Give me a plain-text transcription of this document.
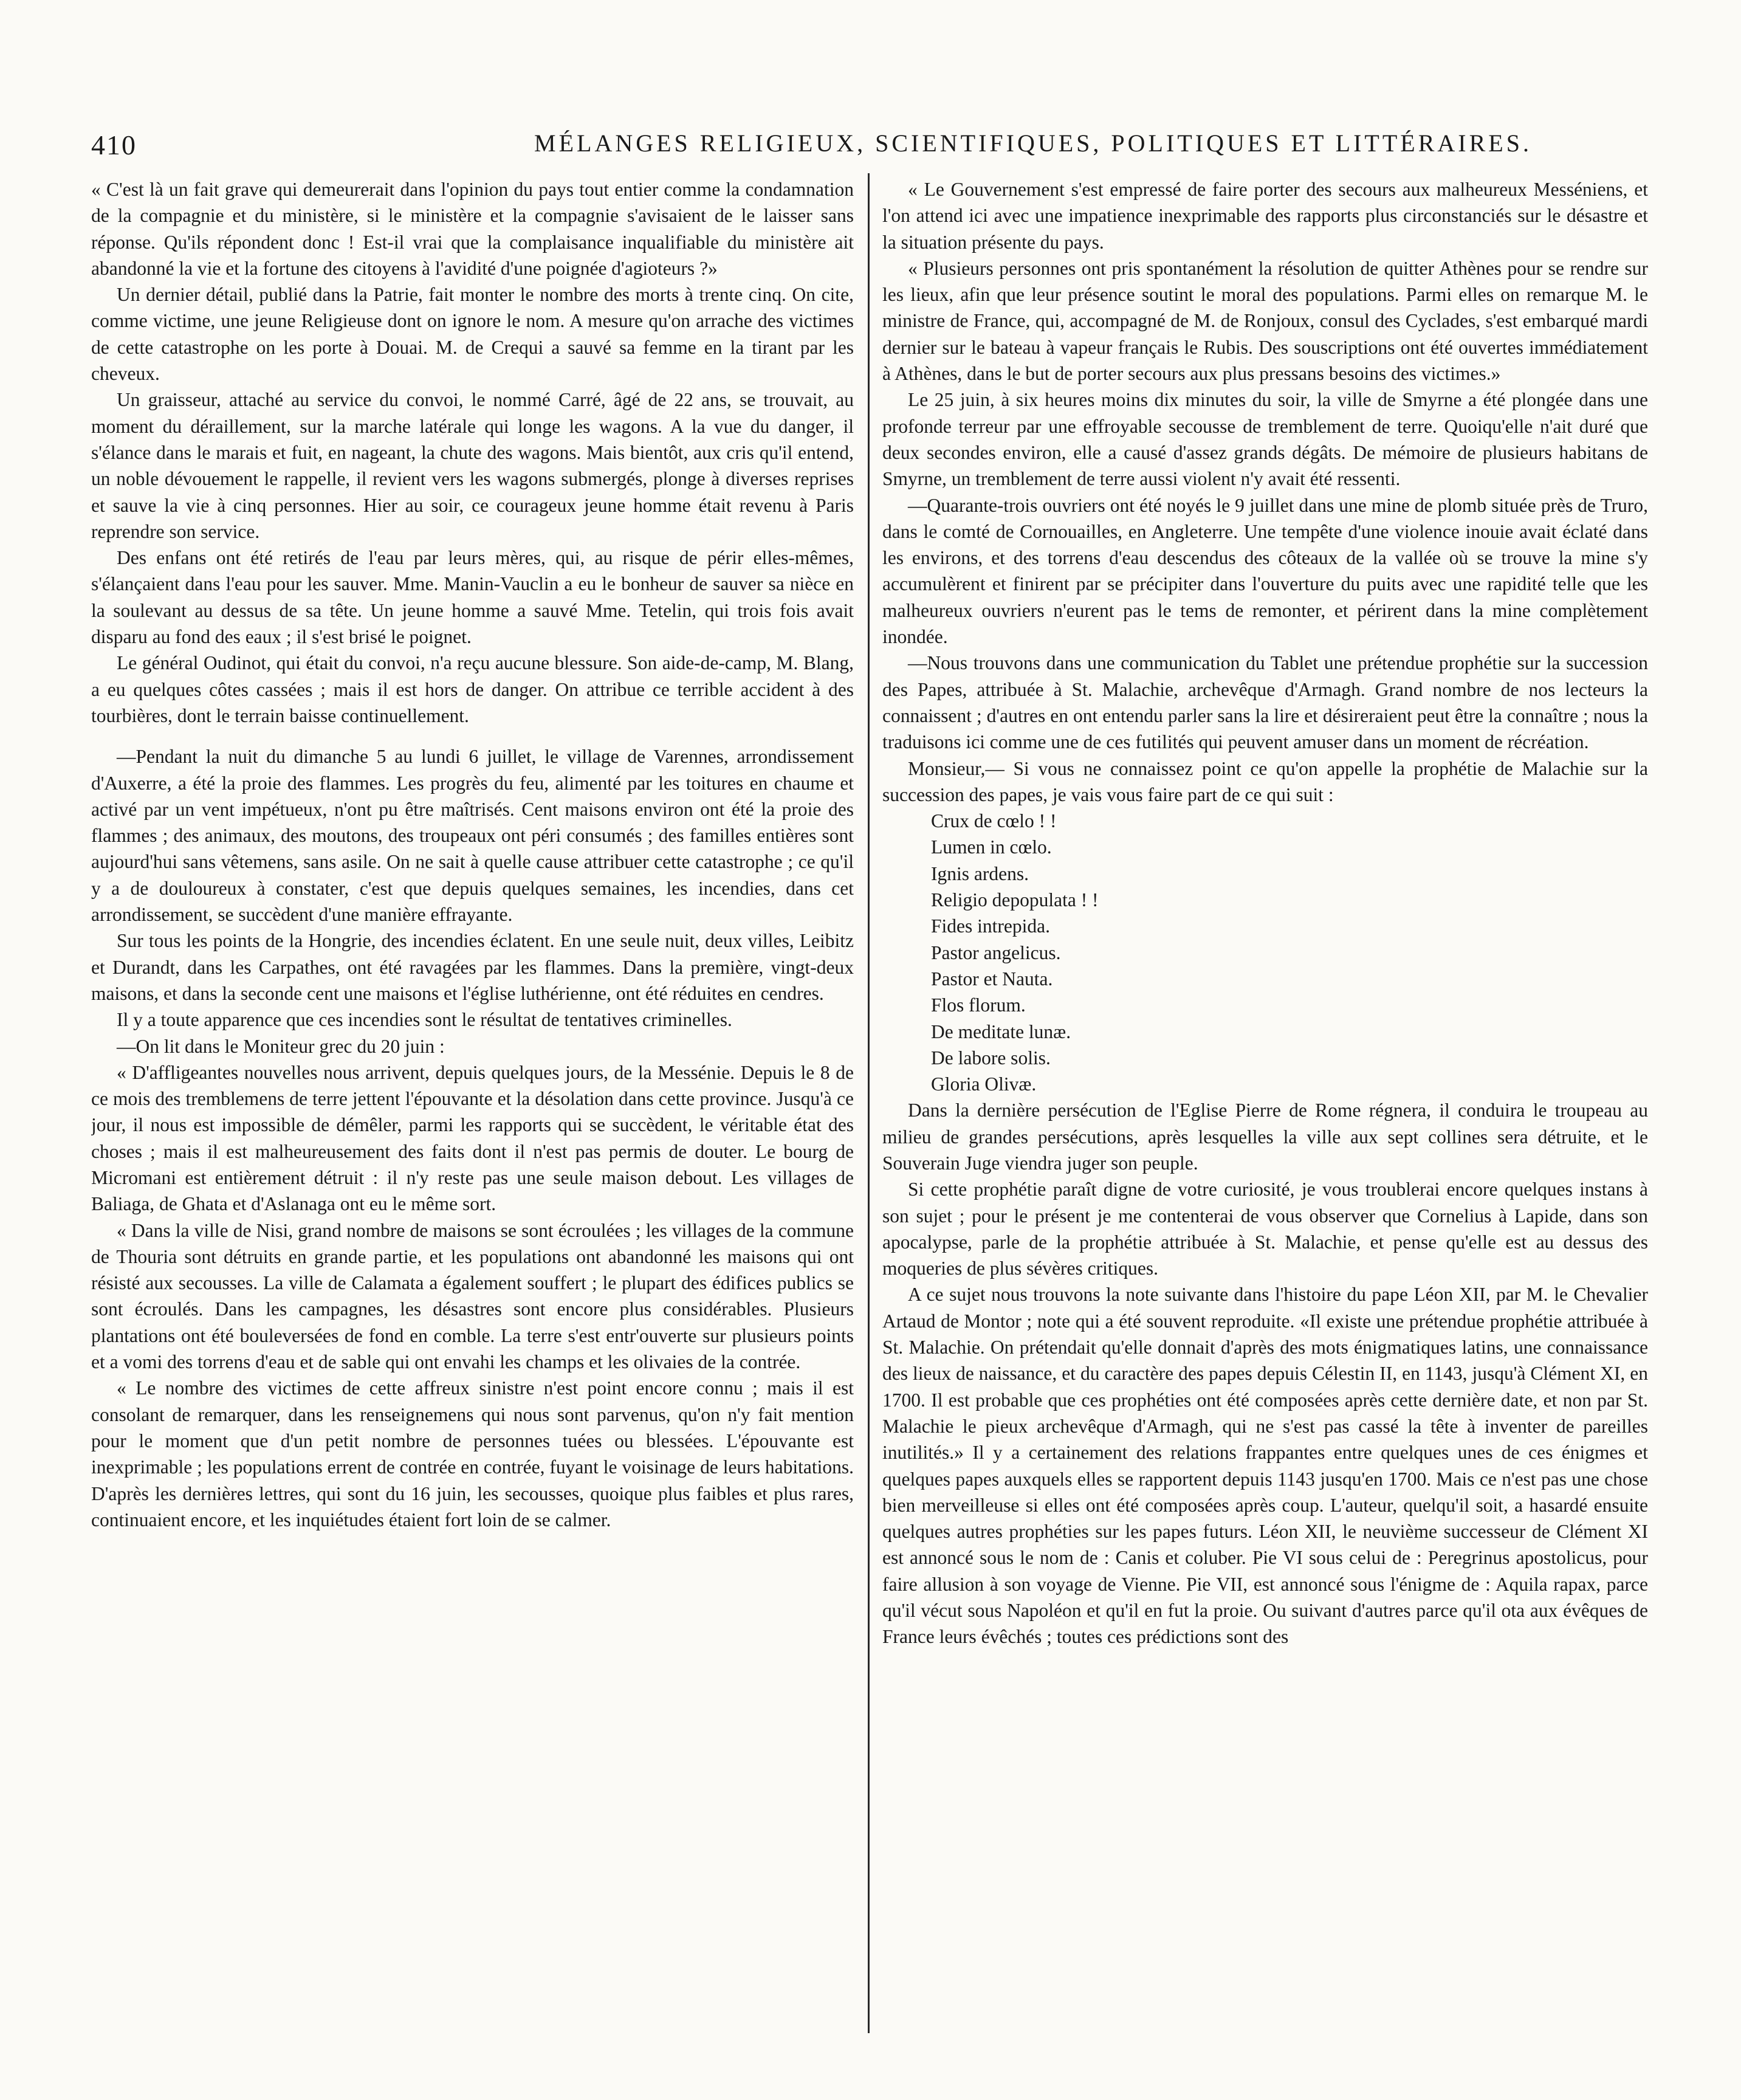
410	MÉLANGES RELIGIEUX, SCIENTIFIQUES, POLITIQUES ET LITTÉRAIRES.

« C'est là un fait grave qui demeurerait dans l'opinion du pays tout entier comme la condamnation de la compagnie et du ministère, si le ministère et la compagnie s'avisaient de le laisser sans réponse. Qu'ils répondent donc ! Est-il vrai que la complaisance inqualifiable du ministère ait abandonné la vie et la fortune des citoyens à l'avidité d'une poignée d'agioteurs ?»

Un dernier détail, publié dans la Patrie, fait monter le nombre des morts à trente cinq. On cite, comme victime, une jeune Religieuse dont on ignore le nom. A mesure qu'on arrache des victimes de cette catastrophe on les porte à Douai. M. de Crequi a sauvé sa femme en la tirant par les cheveux.

Un graisseur, attaché au service du convoi, le nommé Carré, âgé de 22 ans, se trouvait, au moment du déraillement, sur la marche latérale qui longe les wagons. A la vue du danger, il s'élance dans le marais et fuit, en nageant, la chute des wagons. Mais bientôt, aux cris qu'il entend, un noble dévouement le rappelle, il revient vers les wagons submergés, plonge à diverses reprises et sauve la vie à cinq personnes. Hier au soir, ce courageux jeune homme était revenu à Paris reprendre son service.

Des enfans ont été retirés de l'eau par leurs mères, qui, au risque de périr elles-mêmes, s'élançaient dans l'eau pour les sauver. Mme. Manin-Vauclin a eu le bonheur de sauver sa nièce en la soulevant au dessus de sa tête. Un jeune homme a sauvé Mme. Tetelin, qui trois fois avait disparu au fond des eaux ; il s'est brisé le poignet.

Le général Oudinot, qui était du convoi, n'a reçu aucune blessure. Son aide-de-camp, M. Blang, a eu quelques côtes cassées ; mais il est hors de danger. On attribue ce terrible accident à des tourbières, dont le terrain baisse continuellement.

—Pendant la nuit du dimanche 5 au lundi 6 juillet, le village de Varennes, arrondissement d'Auxerre, a été la proie des flammes. Les progrès du feu, alimenté par les toitures en chaume et activé par un vent impétueux, n'ont pu être maîtrisés. Cent maisons environ ont été la proie des flammes ; des animaux, des moutons, des troupeaux ont péri consumés ; des familles entières sont aujourd'hui sans vêtemens, sans asile. On ne sait à quelle cause attribuer cette catastrophe ; ce qu'il y a de douloureux à constater, c'est que depuis quelques semaines, les incendies, dans cet arrondissement, se succèdent d'une manière effrayante.

Sur tous les points de la Hongrie, des incendies éclatent. En une seule nuit, deux villes, Leibitz et Durandt, dans les Carpathes, ont été ravagées par les flammes. Dans la première, vingt-deux maisons, et dans la seconde cent une maisons et l'église luthérienne, ont été réduites en cendres.

Il y a toute apparence que ces incendies sont le résultat de tentatives criminelles.

—On lit dans le Moniteur grec du 20 juin :

« D'affligeantes nouvelles nous arrivent, depuis quelques jours, de la Messénie. Depuis le 8 de ce mois des tremblemens de terre jettent l'épouvante et la désolation dans cette province. Jusqu'à ce jour, il nous est impossible de démêler, parmi les rapports qui se succèdent, le véritable état des choses ; mais il est malheureusement des faits dont il n'est pas permis de douter. Le bourg de Micromani est entièrement détruit : il n'y reste pas une seule maison debout. Les villages de Baliaga, de Ghata et d'Aslanaga ont eu le même sort.

« Dans la ville de Nisi, grand nombre de maisons se sont écroulées ; les villages de la commune de Thouria sont détruits en grande partie, et les populations ont abandonné les maisons qui ont résisté aux secousses. La ville de Calamata a également souffert ; le plupart des édifices publics se sont écroulés. Dans les campagnes, les désastres sont encore plus considérables. Plusieurs plantations ont été bouleversées de fond en comble. La terre s'est entr'ouverte sur plusieurs points et a vomi des torrens d'eau et de sable qui ont envahi les champs et les olivaies de la contrée.

« Le nombre des victimes de cette affreux sinistre n'est point encore connu ; mais il est consolant de remarquer, dans les renseignemens qui nous sont parvenus, qu'on n'y fait mention pour le moment que d'un petit nombre de personnes tuées ou blessées. L'épouvante est inexprimable ; les populations errent de contrée en contrée, fuyant le voisinage de leurs habitations. D'après les dernières lettres, qui sont du 16 juin, les secousses, quoique plus faibles et plus rares, continuaient encore, et les inquiétudes étaient fort loin de se calmer.

« Le Gouvernement s'est empressé de faire porter des secours aux malheureux Messéniens, et l'on attend ici avec une impatience inexprimable des rapports plus circonstanciés sur le désastre et la situation présente du pays.

« Plusieurs personnes ont pris spontanément la résolution de quitter Athènes pour se rendre sur les lieux, afin que leur présence soutint le moral des populations. Parmi elles on remarque M. le ministre de France, qui, accompagné de M. de Ronjoux, consul des Cyclades, s'est embarqué mardi dernier sur le bateau à vapeur français le Rubis. Des souscriptions ont été ouvertes immédiatement à Athènes, dans le but de porter secours aux plus pressans besoins des victimes.»

Le 25 juin, à six heures moins dix minutes du soir, la ville de Smyrne a été plongée dans une profonde terreur par une effroyable secousse de tremblement de terre. Quoiqu'elle n'ait duré que deux secondes environ, elle a causé d'assez grands dégâts. De mémoire de plusieurs habitans de Smyrne, un tremblement de terre aussi violent n'y avait été ressenti.

—Quarante-trois ouvriers ont été noyés le 9 juillet dans une mine de plomb située près de Truro, dans le comté de Cornouailles, en Angleterre. Une tempête d'une violence inouie avait éclaté dans les environs, et des torrens d'eau descendus des côteaux de la vallée où se trouve la mine s'y accumulèrent et finirent par se précipiter dans l'ouverture du puits avec une rapidité telle que les malheureux ouvriers n'eurent pas le tems de remonter, et périrent dans la mine complètement inondée.

—Nous trouvons dans une communication du Tablet une prétendue prophétie sur la succession des Papes, attribuée à St. Malachie, archevêque d'Armagh. Grand nombre de nos lecteurs la connaissent ; d'autres en ont entendu parler sans la lire et désireraient peut être la connaître ; nous la traduisons ici comme une de ces futilités qui peuvent amuser dans un moment de récréation.

Monsieur,— Si vous ne connaissez point ce qu'on appelle la prophétie de Malachie sur la succession des papes, je vais vous faire part de ce qui suit :

Crux de cœlo ! !
Lumen in cœlo.
Ignis ardens.
Religio depopulata ! !
Fides intrepida.
Pastor angelicus.
Pastor et Nauta.
Flos florum.
De meditate lunæ.
De labore solis.
Gloria Olivæ.

Dans la dernière persécution de l'Eglise Pierre de Rome régnera, il conduira le troupeau au milieu de grandes persécutions, après lesquelles la ville aux sept collines sera détruite, et le Souverain Juge viendra juger son peuple.

Si cette prophétie paraît digne de votre curiosité, je vous troublerai encore quelques instans à son sujet ; pour le présent je me contenterai de vous observer que Cornelius à Lapide, dans son apocalypse, parle de la prophétie attribuée à St. Malachie, et pense qu'elle est au dessus des moqueries de plus sévères critiques.

A ce sujet nous trouvons la note suivante dans l'histoire du pape Léon XII, par M. le Chevalier Artaud de Montor ; note qui a été souvent reproduite. «Il existe une prétendue prophétie attribuée à St. Malachie. On prétendait qu'elle donnait d'après des mots énigmatiques latins, une connaissance des lieux de naissance, et du caractère des papes depuis Célestin II, en 1143, jusqu'à Clément XI, en 1700. Il est probable que ces prophéties ont été composées après cette dernière date, et non par St. Malachie le pieux archevêque d'Armagh, qui ne s'est pas cassé la tête à inventer de pareilles inutilités.» Il y a certainement des relations frappantes entre quelques unes de ces énigmes et quelques papes auxquels elles se rapportent depuis 1143 jusqu'en 1700. Mais ce n'est pas une chose bien merveilleuse si elles ont été composées après coup. L'auteur, quelqu'il soit, a hasardé ensuite quelques autres prophéties sur les papes futurs. Léon XII, le neuvième successeur de Clément XI est annoncé sous le nom de : Canis et coluber. Pie VI sous celui de : Peregrinus apostolicus, pour faire allusion à son voyage de Vienne. Pie VII, est annoncé sous l'énigme de : Aquila rapax, parce qu'il vécut sous Napoléon et qu'il en fut la proie. Ou suivant d'autres parce qu'il ota aux évêques de France leurs évêchés ; toutes ces prédictions sont des
